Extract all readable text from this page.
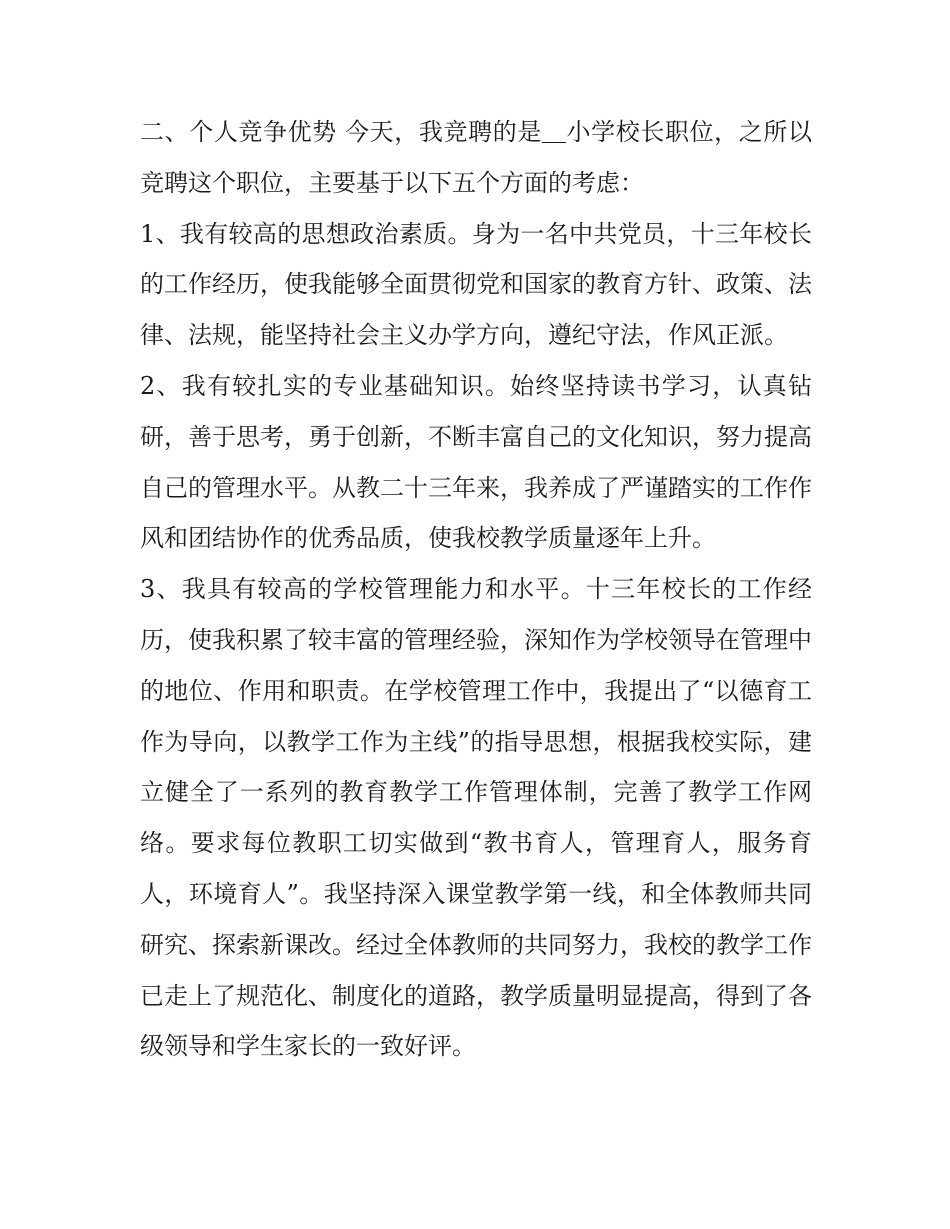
二、个人竞争优势 今天，我竞聘的是＿小学校长职位，之所以竞聘这个职位，主要基于以下五个方面的考虑：

1、我有较高的思想政治素质。身为一名中共党员，十三年校长的工作经历，使我能够全面贯彻党和国家的教育方针、政策、法律、法规，能坚持社会主义办学方向，遵纪守法，作风正派。

2、我有较扎实的专业基础知识。始终坚持读书学习，认真钻研，善于思考，勇于创新，不断丰富自己的文化知识，努力提高自己的管理水平。从教二十三年来，我养成了严谨踏实的工作作风和团结协作的优秀品质，使我校教学质量逐年上升。

3、我具有较高的学校管理能力和水平。十三年校长的工作经历，使我积累了较丰富的管理经验，深知作为学校领导在管理中的地位、作用和职责。在学校管理工作中，我提出了“以德育工作为导向，以教学工作为主线”的指导思想，根据我校实际，建立健全了一系列的教育教学工作管理体制，完善了教学工作网络。要求每位教职工切实做到“教书育人，管理育人，服务育人，环境育人”。我坚持深入课堂教学第一线，和全体教师共同研究、探索新课改。经过全体教师的共同努力，我校的教学工作已走上了规范化、制度化的道路，教学质量明显提高，得到了各级领导和学生家长的一致好评。
